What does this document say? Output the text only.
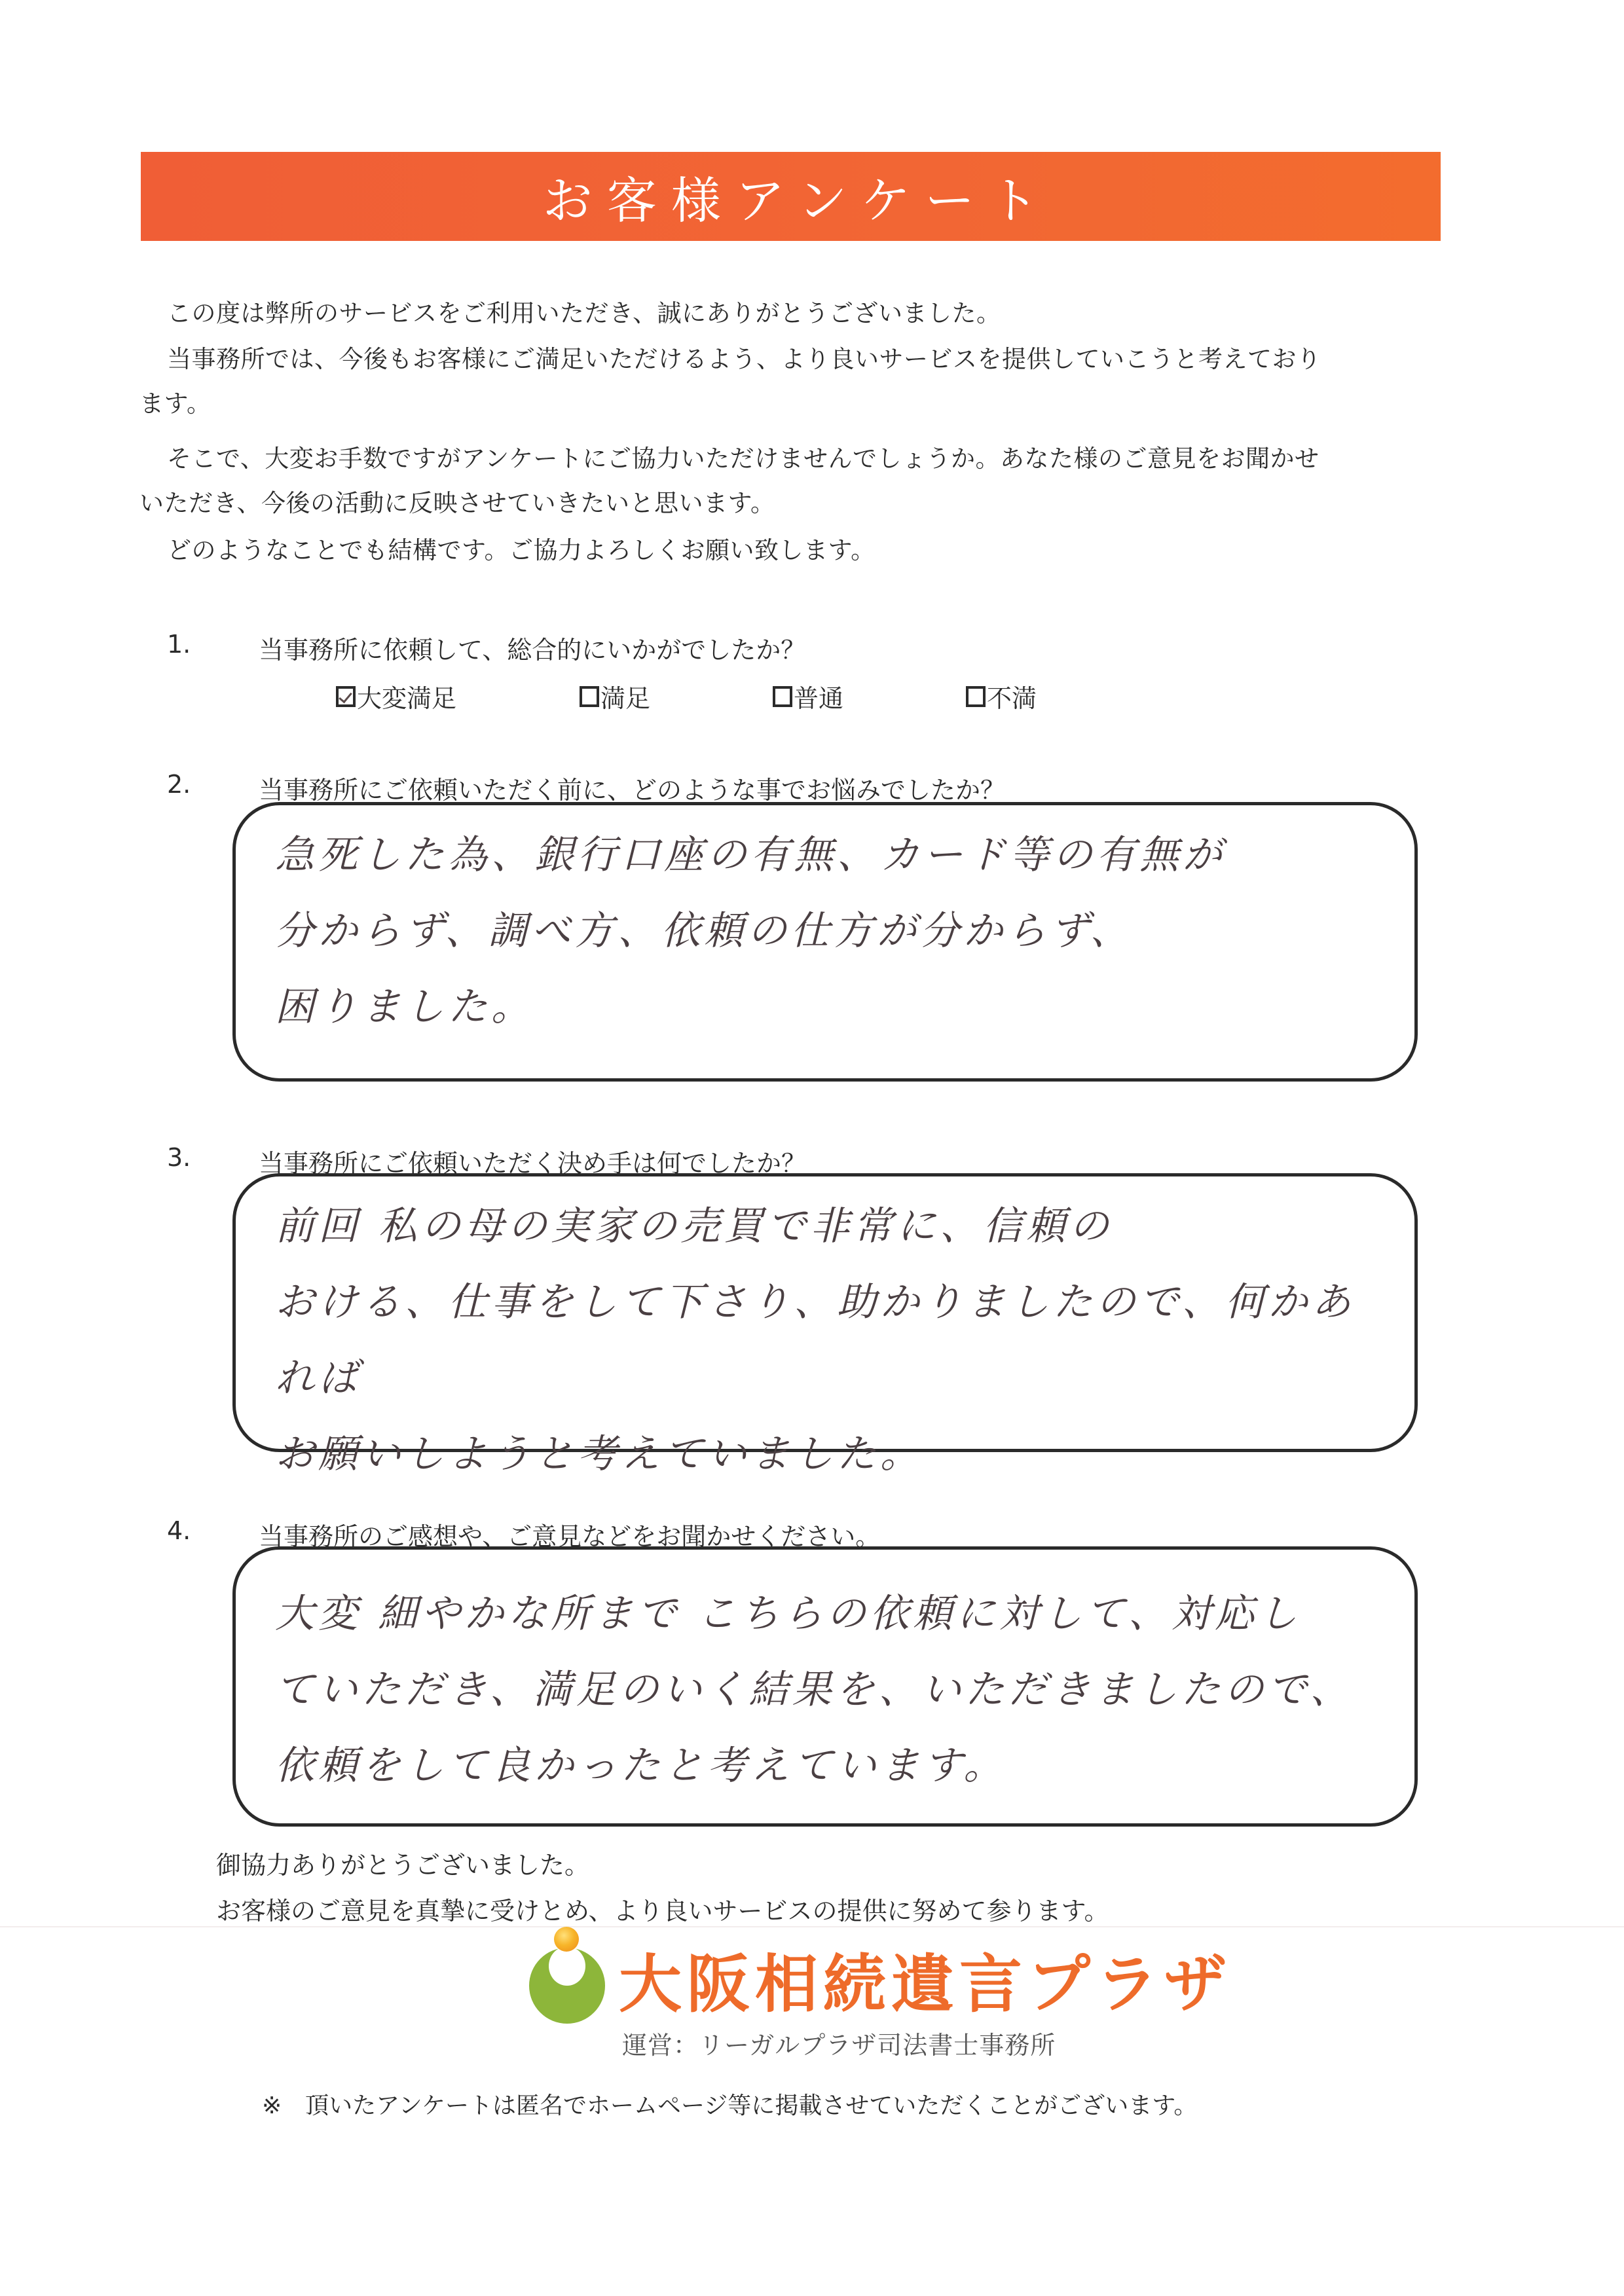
お客様アンケート
この度は弊所のサービスをご利用いただき、誠にありがとうございました。
当事務所では、今後もお客様にご満足いただけるよう、より良いサービスを提供していこうと考えており
ます。
そこで、大変お手数ですがアンケートにご協力いただけませんでしょうか。あなた様のご意見をお聞かせ
いただき、今後の活動に反映させていきたいと思います。
どのようなことでも結構です。ご協力よろしくお願い致します。
1.	当事務所に依頼して、総合的にいかがでしたか？
大変満足	満足	普通	不満
2.	当事務所にご依頼いただく前に、どのような事でお悩みでしたか？
急死した為、銀行口座の有無、カード等の有無が
分からず、調べ方、依頼の仕方が分からず、
困りました。
3.	当事務所にご依頼いただく決め手は何でしたか？
前回 私の母の実家の売買で非常に、信頼の
おける、仕事をして下さり、助かりましたので、何かあれば
お願いしようと考えていました。
4.	当事務所のご感想や、ご意見などをお聞かせください。
大変 細やかな所まで こちらの依頼に対して、対応し
ていただき、満足のいく結果を、いただきましたので、
依頼をして良かったと考えています。
御協力ありがとうございました。
お客様のご意見を真摯に受けとめ、より良いサービスの提供に努めて参ります。
大阪相続遺言プラザ
運営：リーガルプラザ司法書士事務所
※　頂いたアンケートは匿名でホームページ等に掲載させていただくことがございます。
